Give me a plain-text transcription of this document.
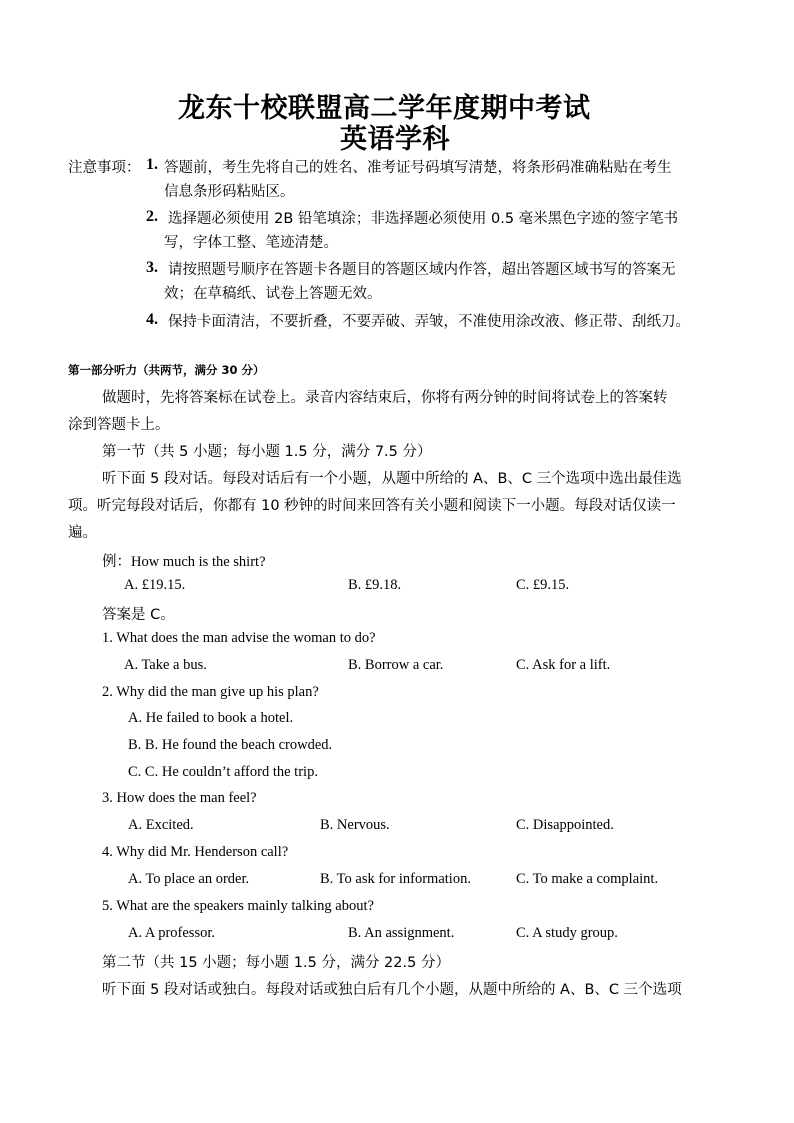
龙东十校联盟高二学年度期中考试
英语学科
注意事项： 1. 答题前，考生先将自己的姓名、准考证号码填写清楚，将条形码准确粘贴在考生
信息条形码粘贴区。
2. 选择题必须使用 2B 铅笔填涂；非选择题必须使用 0.5 毫米黑色字迹的签字笔书
写，字体工整、笔迹清楚。
3. 请按照题号顺序在答题卡各题目的答题区域内作答，超出答题区域书写的答案无
效；在草稿纸、试卷上答题无效。
4. 保持卡面清洁，不要折叠，不要弄破、弄皱，不准使用涂改液、修正带、刮纸刀。
第一部分听力（共两节，满分 30 分）
做题时，先将答案标在试卷上。录音内容结束后，你将有两分钟的时间将试卷上的答案转
涂到答题卡上。
第一节（共 5 小题；每小题 1.5 分，满分 7.5 分）
听下面 5 段对话。每段对话后有一个小题，从题中所给的 A、B、C 三个选项中选出最佳选
项。听完每段对话后，你都有 10 秒钟的时间来回答有关小题和阅读下一小题。每段对话仅读一
遍。
例：How much is the shirt?
A. £19.15.	B. £9.18.	C. £9.15.
答案是 C。
1. What does the man advise the woman to do?
A. Take a bus.	B. Borrow a car.	C. Ask for a lift.
2. Why did the man give up his plan?
A. He failed to book a hotel.
B. B. He found the beach crowded.
C. C. He couldn’t afford the trip.
3. How does the man feel?
A. Excited.	B. Nervous.	C. Disappointed.
4. Why did Mr. Henderson call?
A. To place an order.	B. To ask for information.	C. To make a complaint.
5. What are the speakers mainly talking about?
A. A professor.	B. An assignment.	C. A study group.
第二节（共 15 小题；每小题 1.5 分，满分 22.5 分）
听下面 5 段对话或独白。每段对话或独白后有几个小题，从题中所给的 A、B、C 三个选项
